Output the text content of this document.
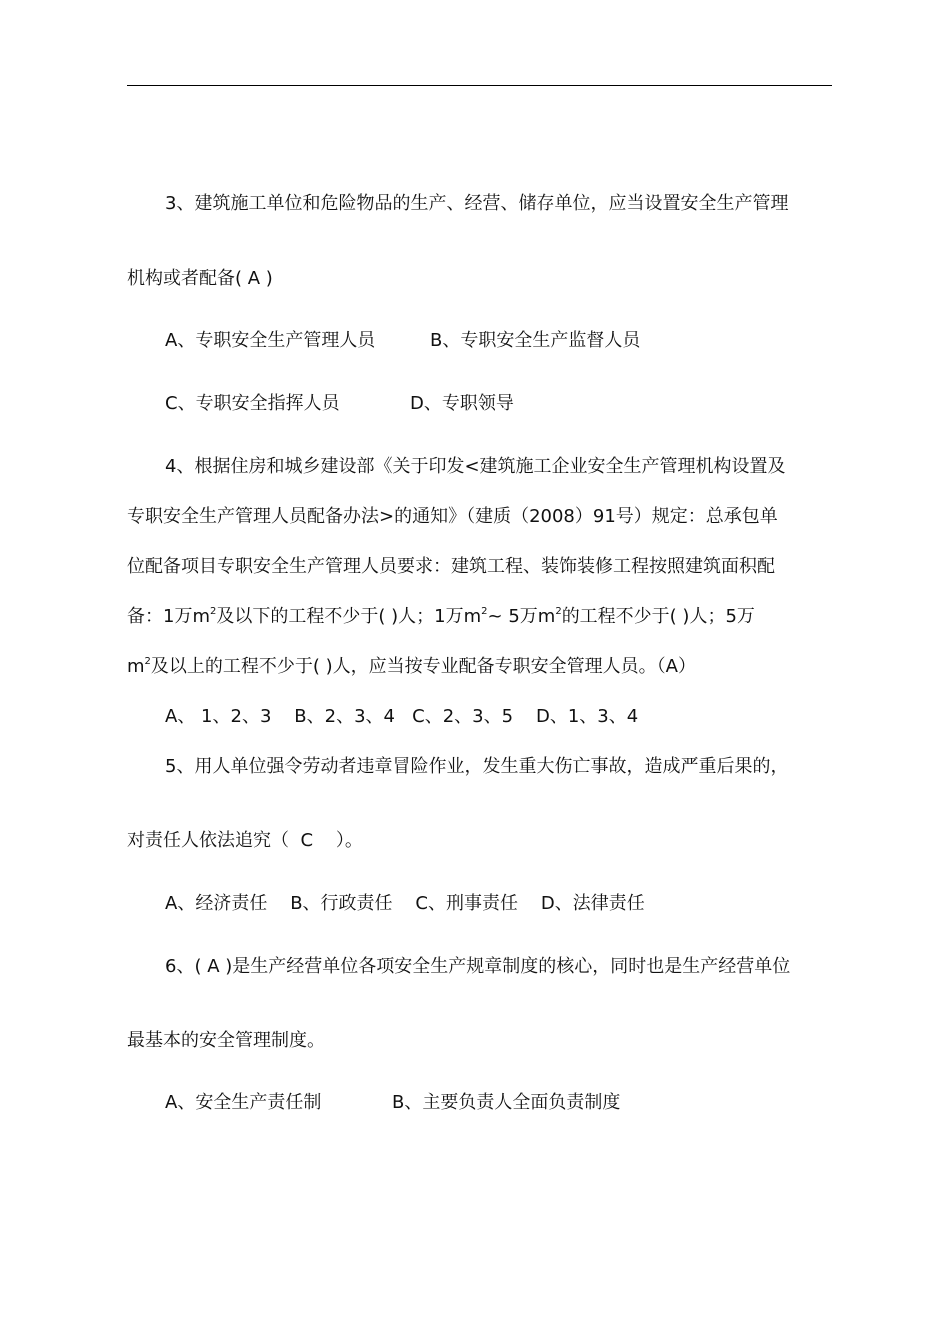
3、建筑施工单位和危险物品的生产、经营、储存单位，应当设置安全生产管理
机构或者配备( A )
A、专职安全生产管理人员	B、专职安全生产监督人员
C、专职安全指挥人员	D、专职领导
4、根据住房和城乡建设部《关于印发<建筑施工企业安全生产管理机构设置及
专职安全生产管理人员配备办法>的通知》（建质（2008）91号）规定：总承包单
位配备项目专职安全生产管理人员要求：建筑工程、装饰装修工程按照建筑面积配
备：1万$m^2$及以下的工程不少于( )人；1万$m^2\sim$ 5万$m^2$的工程不少于( )人；5万
$m^2$及以上的工程不少于( )人，应当按专业配备专职安全管理人员。（A）
A、 1、2、3    B、2、3、4   C、2、3、5    D、1、3、4
5、用人单位强令劳动者违章冒险作业，发生重大伤亡事故，造成严重后果的，
对责任人依法追究（  C    ）。
A、经济责任    B、行政责任    C、刑事责任    D、法律责任
6、( A )是生产经营单位各项安全生产规章制度的核心，同时也是生产经营单位
最基本的安全管理制度。
A、安全生产责任制	B、主要负责人全面负责制度
